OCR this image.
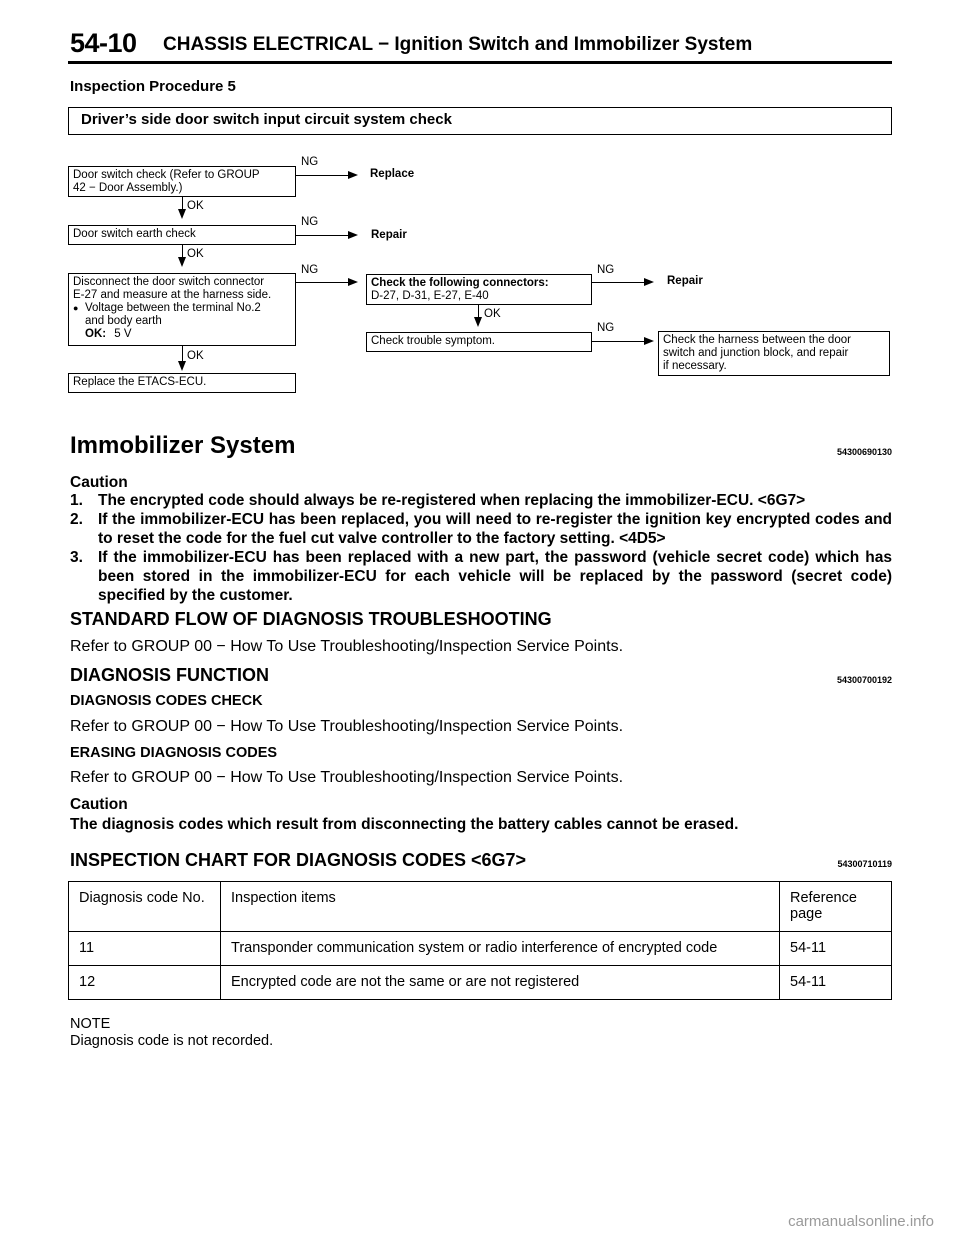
54-10 CHASSIS ELECTRICAL − Ignition Switch and Immobilizer System
Inspection Procedure 5
Driver’s side door switch input circuit system check
Door switch check (Refer to GROUP
42 − Door Assembly.)
NG
Replace
OK
Door switch earth check
NG
Repair
OK
Disconnect the door switch connector
E-27 and measure at the harness side.
● Voltage between the terminal No.2
and body earth
OK: 5 V
NG
OK
Check the following connectors:
D-27, D-31, E-27, E-40
NG
Repair
OK
Check trouble symptom.
NG
Check the harness between the door
switch and junction block, and repair
if necessary.
Replace the ETACS-ECU.
Immobilizer System	54300690130
Caution
1. The encrypted code should always be re-registered when replacing the immobilizer-ECU. <6G7>
2. If the immobilizer-ECU has been replaced, you will need to re-register the ignition key encrypted codes and to reset the code for the fuel cut valve controller to the factory setting. <4D5>
3. If the immobilizer-ECU has been replaced with a new part, the password (vehicle secret code) which has been stored in the immobilizer-ECU for each vehicle will be replaced by the password (secret code) specified by the customer.
STANDARD FLOW OF DIAGNOSIS TROUBLESHOOTING
Refer to GROUP 00 − How To Use Troubleshooting/Inspection Service Points.
DIAGNOSIS FUNCTION	54300700192
DIAGNOSIS CODES CHECK
Refer to GROUP 00 − How To Use Troubleshooting/Inspection Service Points.
ERASING DIAGNOSIS CODES
Refer to GROUP 00 − How To Use Troubleshooting/Inspection Service Points.
Caution
The diagnosis codes which result from disconnecting the battery cables cannot be erased.
INSPECTION CHART FOR DIAGNOSIS CODES <6G7>	54300710119
Diagnosis code No.	Inspection items	Reference page
11	Transponder communication system or radio interference of encrypted code	54-11
12	Encrypted code are not the same or are not registered	54-11
NOTE
Diagnosis code is not recorded.
carmanualsonline.info
